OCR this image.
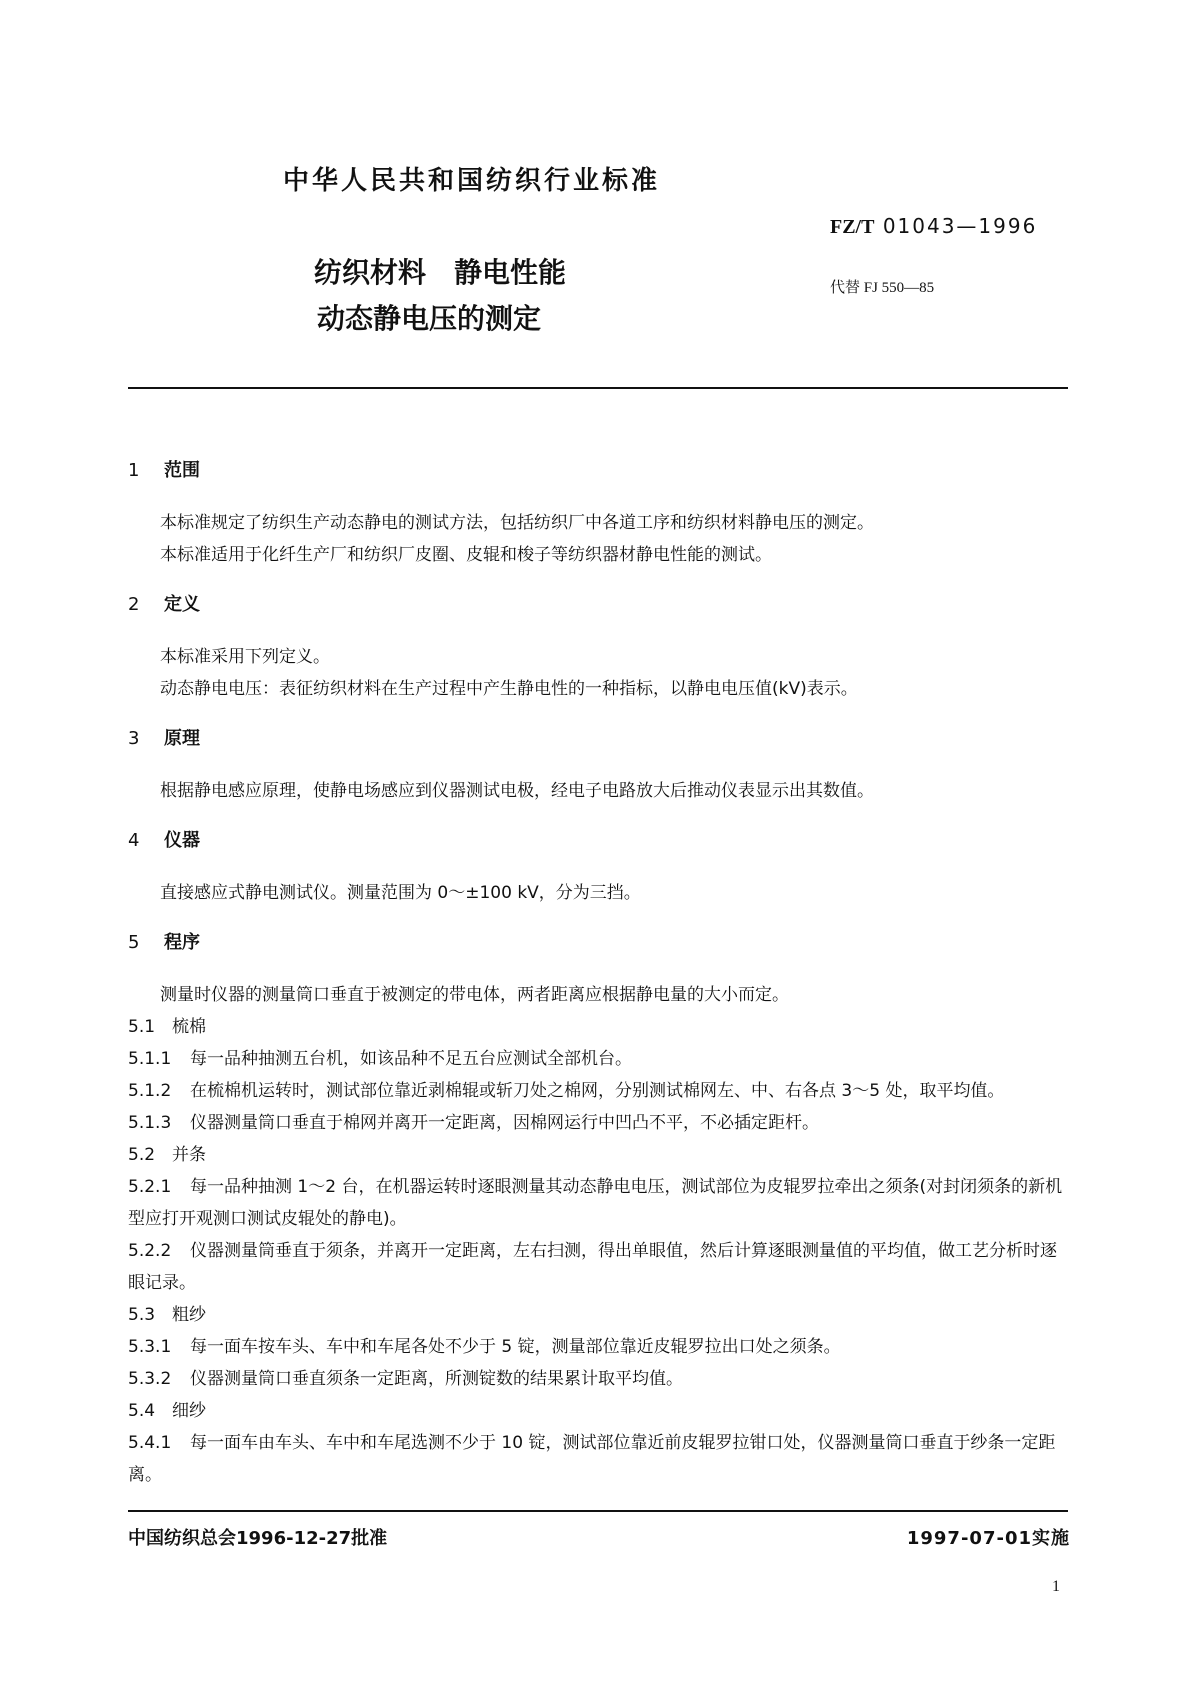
中华人民共和国纺织行业标准
FZ/T 01043—1996
代替 FJ 550—85
纺织材料　静电性能
动态静电压的测定
1 范围

本标准规定了纺织生产动态静电的测试方法，包括纺织厂中各道工序和纺织材料静电压的测定。

本标准适用于化纤生产厂和纺织厂皮圈、皮辊和梭子等纺织器材静电性能的测试。

2 定义

本标准采用下列定义。

动态静电电压：表征纺织材料在生产过程中产生静电性的一种指标，以静电电压值(kV)表示。

3 原理

根据静电感应原理，使静电场感应到仪器测试电极，经电子电路放大后推动仪表显示出其数值。

4 仪器

直接感应式静电测试仪。测量范围为 0～±100 kV，分为三挡。

5 程序

测量时仪器的测量筒口垂直于被测定的带电体，两者距离应根据静电量的大小而定。

5.1 梳棉

5.1.1 每一品种抽测五台机，如该品种不足五台应测试全部机台。

5.1.2 在梳棉机运转时，测试部位靠近剥棉辊或斩刀处之棉网，分别测试棉网左、中、右各点 3～5 处，取平均值。

5.1.3 仪器测量筒口垂直于棉网并离开一定距离，因棉网运行中凹凸不平，不必插定距杆。

5.2 并条

5.2.1 每一品种抽测 1～2 台，在机器运转时逐眼测量其动态静电电压，测试部位为皮辊罗拉牵出之须条(对封闭须条的新机型应打开观测口测试皮辊处的静电)。

5.2.2 仪器测量筒垂直于须条，并离开一定距离，左右扫测，得出单眼值，然后计算逐眼测量值的平均值，做工艺分析时逐眼记录。

5.3 粗纱

5.3.1 每一面车按车头、车中和车尾各处不少于 5 锭，测量部位靠近皮辊罗拉出口处之须条。

5.3.2 仪器测量筒口垂直须条一定距离，所测锭数的结果累计取平均值。

5.4 细纱

5.4.1 每一面车由车头、车中和车尾选测不少于 10 锭，测试部位靠近前皮辊罗拉钳口处，仪器测量筒口垂直于纱条一定距离。

中国纺织总会1996-12-27批准	1997-07-01实施
1
